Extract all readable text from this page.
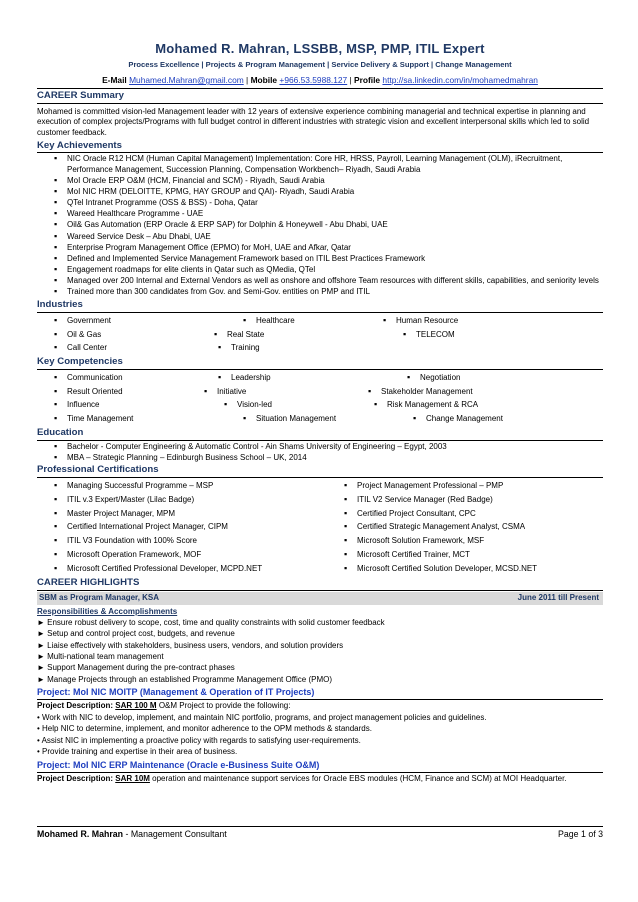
Mohamed R. Mahran, LSSBB, MSP, PMP, ITIL Expert
Process Excellence | Projects & Program Management | Service Delivery & Support | Change Management
E-Mail Muhamed.Mahran@gmail.com | Mobile +966.53.5988.127 | Profile http://sa.linkedin.com/in/mohamedmahran
CAREER Summary
Mohamed is committed vision-led Management leader with 12 years of extensive experience combining managerial and technical expertise in planning and execution of complex projects/Programs with full budget control in different industries with strategic vision and excellent interpersonal skills which led to solid customer feedback.
Key Achievements
▪ NIC Oracle R12 HCM (Human Capital Management) Implementation: Core HR, HRSS, Payroll, Learning Management (OLM), iRecruitment, Performance Management, Succession Planning, Compensation Workbench– Riyadh, Saudi Arabia
▪ MoI Oracle ERP O&M (HCM, Financial and SCM) - Riyadh, Saudi Arabia
▪ MoI NIC HRM (DELOITTE, KPMG, HAY GROUP and QAI)- Riyadh, Saudi Arabia
▪ QTel Intranet Programme (OSS & BSS) - Doha, Qatar
▪ Wareed Healthcare Programme - UAE
▪ Oil& Gas Automation (ERP Oracle & ERP SAP) for Dolphin & Honeywell - Abu Dhabi, UAE
▪ Wareed Service Desk – Abu Dhabi, UAE
▪ Enterprise Program Management Office (EPMO) for MoH, UAE and Afkar, Qatar
▪ Defined and Implemented Service Management Framework based on ITIL Best Practices Framework
▪ Engagement roadmaps for elite clients in Qatar such as QMedia, QTel
▪ Managed over 200 Internal and External Vendors as well as onshore and offshore Team resources with different skills, capabilities, and seniority levels
▪ Trained more than 300 candidates from Gov. and Semi-Gov. entities on PMP and ITIL
Industries
▪ Government	▪ Healthcare	▪ Human Resource
▪ Oil & Gas	▪ Real State	▪ TELECOM
▪ Call Center	▪ Training
Key Competencies
▪ Communication	▪ Leadership	▪ Negotiation
▪ Result Oriented	▪ Initiative	▪ Stakeholder Management
▪ Influence	▪ Vision-led	▪ Risk Management & RCA
▪ Time Management	▪ Situation Management	▪ Change Management
Education
▪ Bachelor - Computer Engineering & Automatic Control - Ain Shams University of Engineering – Egypt, 2003
▪ MBA – Strategic Planning – Edinburgh Business School – UK, 2014
Professional Certifications
▪ Managing Successful Programme – MSP	▪ Project Management Professional – PMP
▪ ITIL v.3 Expert/Master (Lilac Badge)	▪ ITIL V2 Service Manager (Red Badge)
▪ Master Project Manager, MPM	▪ Certified Project Consultant, CPC
▪ Certified International Project Manager, CIPM	▪ Certified Strategic Management Analyst, CSMA
▪ ITIL V3 Foundation with 100% Score	▪ Microsoft Solution Framework, MSF
▪ Microsoft Operation Framework, MOF	▪ Microsoft Certified Trainer, MCT
▪ Microsoft Certified Professional Developer, MCPD.NET	▪ Microsoft Certified Solution Developer, MCSD.NET
CAREER HIGHLIGHTS
SBM as Program Manager, KSA	June 2011 till Present
Responsibilities & Accomplishments
► Ensure robust delivery to scope, cost, time and quality constraints with solid customer feedback
► Setup and control project cost, budgets, and revenue
► Liaise effectively with stakeholders, business users, vendors, and solution providers
► Multi-national team management
► Support Management during the pre-contract phases
► Manage Projects through an established Programme Management Office (PMO)
Project: MoI NIC MOITP (Management & Operation of IT Projects)
Project Description: SAR 100 M O&M Project to provide the following:
• Work with NIC to develop, implement, and maintain NIC portfolio, programs, and project management policies and guidelines.
• Help NIC to determine, implement, and monitor adherence to the OPM methods & standards.
• Assist NIC in implementing a proactive policy with regards to satisfying user-requirements.
• Provide training and expertise in their area of business.
Project: MoI NIC ERP Maintenance (Oracle e-Business Suite O&M)
Project Description: SAR 10M operation and maintenance support services for Oracle EBS modules (HCM, Finance and SCM) at MOI Headquarter.
Mohamed R. Mahran - Management Consultant	Page 1 of 3
